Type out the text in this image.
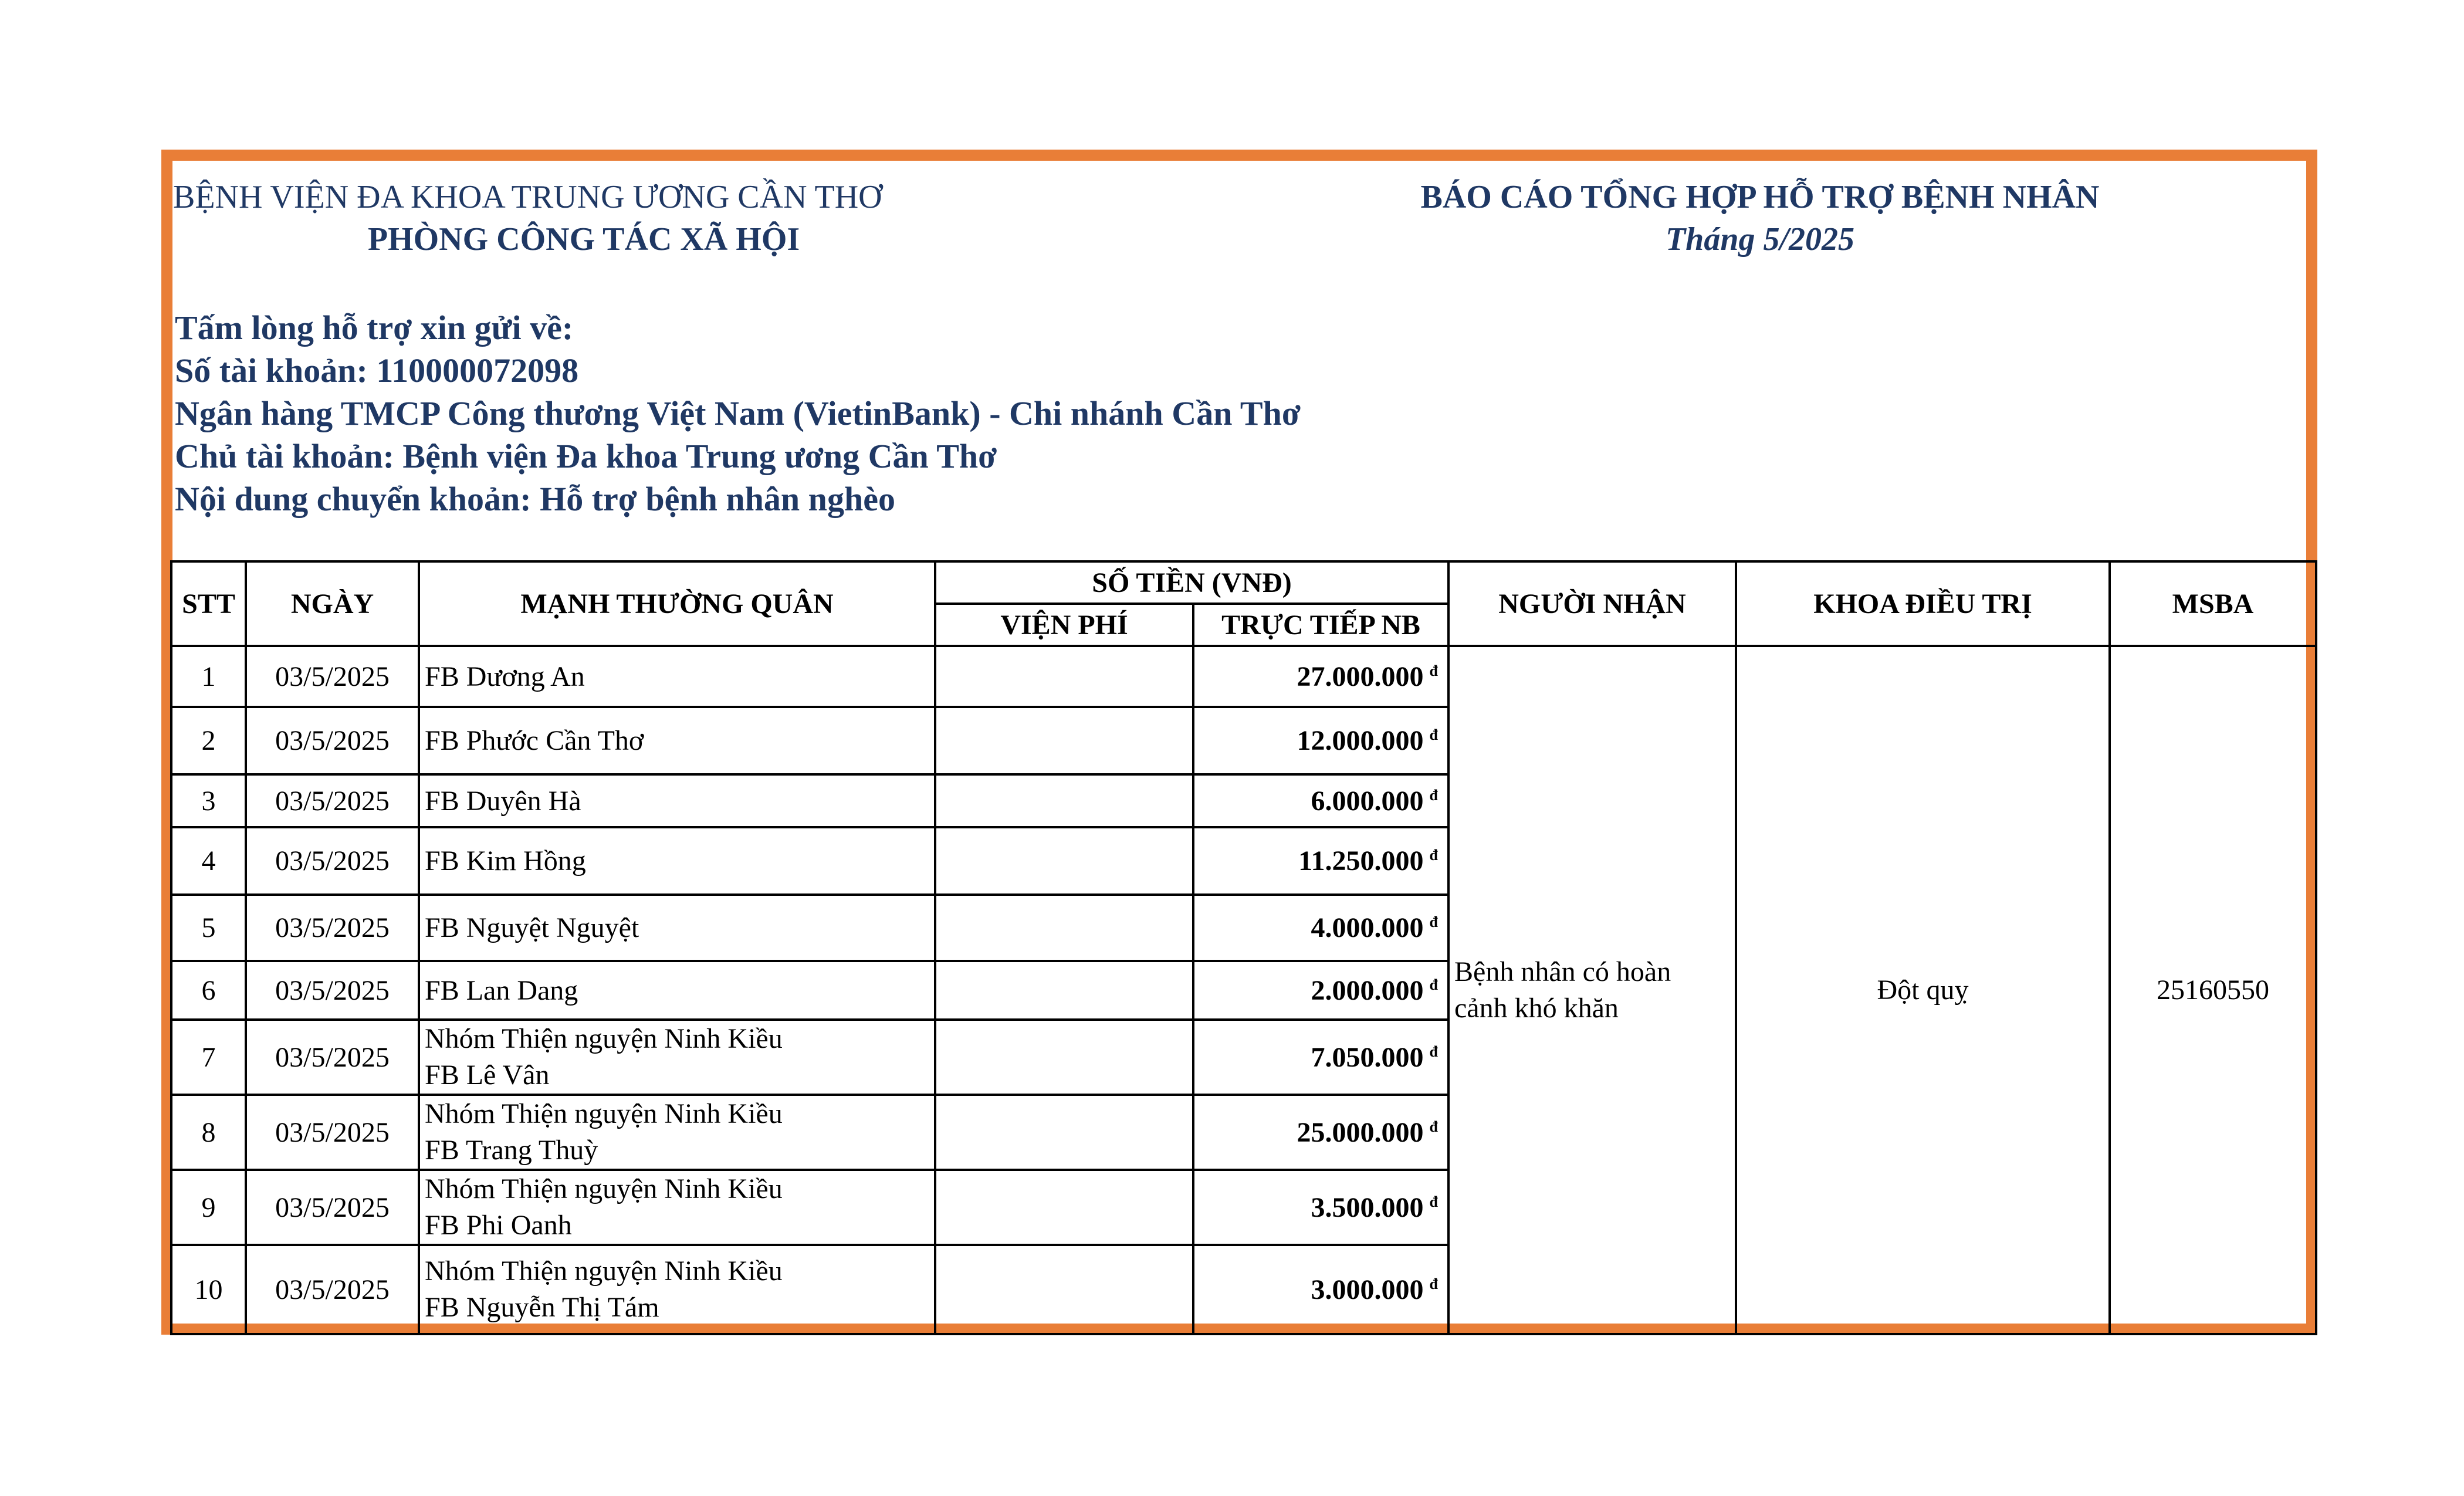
BỆNH VIỆN ĐA KHOA TRUNG ƯƠNG CẦN THƠ
PHÒNG CÔNG TÁC XÃ HỘI
BÁO CÁO TỔNG HỢP HỖ TRỢ BỆNH NHÂN
Tháng 5/2025
Tấm lòng hỗ trợ xin gửi về:
Số tài khoản: 110000072098
Ngân hàng TMCP Công thương Việt Nam (VietinBank) - Chi nhánh Cần Thơ
Chủ tài khoản: Bệnh viện Đa khoa Trung ương Cần Thơ
Nội dung chuyển khoản: Hỗ trợ bệnh nhân nghèo
STT	NGÀY	MẠNH THƯỜNG QUÂN	SỐ TIỀN (VNĐ)		NGƯỜI NHẬN	KHOA ĐIỀU TRỊ	MSBA
			VIỆN PHÍ	TRỰC TIẾP NB			
1	03/5/2025	FB Dương An		27.000.000 $^đ$	Bệnh nhân có hoàn
cảnh khó khăn	Đột quỵ	25160550
2	03/5/2025	FB Phước Cần Thơ		12.000.000 $^đ$
3	03/5/2025	FB Duyên Hà		6.000.000 $^đ$
4	03/5/2025	FB Kim Hồng		11.250.000 $^đ$
5	03/5/2025	FB Nguyệt Nguyệt		4.000.000 $^đ$
6	03/5/2025	FB Lan Dang		2.000.000 $^đ$
7	03/5/2025	Nhóm Thiện nguyện Ninh Kiều
FB Lê Vân		7.050.000 $^đ$
8	03/5/2025	Nhóm Thiện nguyện Ninh Kiều
FB Trang Thuỳ		25.000.000 $^đ$
9	03/5/2025	Nhóm Thiện nguyện Ninh Kiều
FB Phi Oanh		3.500.000 $^đ$
10	03/5/2025	Nhóm Thiện nguyện Ninh Kiều
FB Nguyễn Thị Tám		3.000.000 $^đ$
